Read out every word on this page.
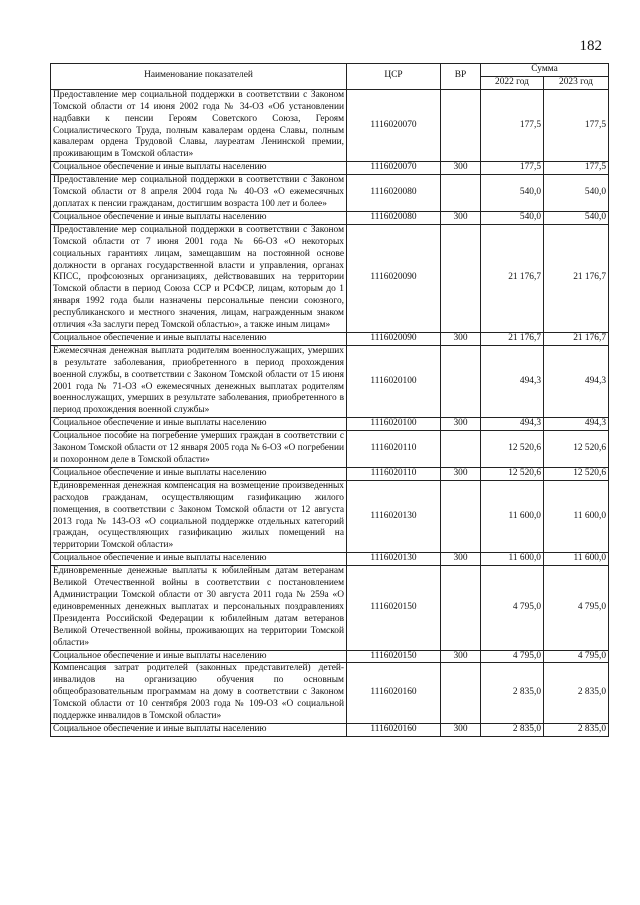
182
Наименование показателей	ЦСР	ВР	Сумма	
			2022 год	2023 год
Предоставление мер социальной поддержки в соответствии с Законом Томской области от 14 июня 2002 года № 34-ОЗ «Об установлении надбавки к пенсии Героям Советского Союза, Героям Социалистического Труда, полным кавалерам ордена Славы, полным кавалерам ордена Трудовой Славы, лауреатам Ленинской премии, проживающим в Томской области»	1116020070		177,5	177,5
Социальное обеспечение и иные выплаты населению	1116020070	300	177,5	177,5
Предоставление мер социальной поддержки в соответствии с Законом Томской области от 8 апреля 2004 года № 40-ОЗ «О ежемесячных доплатах к пенсии гражданам, достигшим возраста 100 лет и более»	1116020080		540,0	540,0
Социальное обеспечение и иные выплаты населению	1116020080	300	540,0	540,0
Предоставление мер социальной поддержки в соответствии с Законом Томской области от 7 июня 2001 года № 66-ОЗ «О некоторых социальных гарантиях лицам, замещавшим на постоянной основе должности в органах государственной власти и управления, органах КПСС, профсоюзных организациях, действовавших на территории Томской области в период Союза ССР и РСФСР, лицам, которым до 1 января 1992 года были назначены персональные пенсии союзного, республиканского и местного значения, лицам, награжденным знаком отличия «За заслуги перед Томской областью», а также иным лицам»	1116020090		21 176,7	21 176,7
Социальное обеспечение и иные выплаты населению	1116020090	300	21 176,7	21 176,7
Ежемесячная денежная выплата родителям военнослужащих, умерших в результате заболевания, приобретенного в период прохождения военной службы, в соответствии с Законом Томской области от 15 июня 2001 года № 71-ОЗ «О ежемесячных денежных выплатах родителям военнослужащих, умерших в результате заболевания, приобретенного в период прохождения военной службы»	1116020100		494,3	494,3
Социальное обеспечение и иные выплаты населению	1116020100	300	494,3	494,3
Социальное пособие на погребение умерших граждан в соответствии с Законом Томской области от 12 января 2005 года № 6-ОЗ «О погребении и похоронном деле в Томской области»	1116020110		12 520,6	12 520,6
Социальное обеспечение и иные выплаты населению	1116020110	300	12 520,6	12 520,6
Единовременная денежная компенсация на возмещение произведенных расходов гражданам, осуществляющим газификацию жилого помещения, в соответствии с Законом Томской области от 12 августа 2013 года № 143-ОЗ «О социальной поддержке отдельных категорий граждан, осуществляющих газификацию жилых помещений на территории Томской области»	1116020130		11 600,0	11 600,0
Социальное обеспечение и иные выплаты населению	1116020130	300	11 600,0	11 600,0
Единовременные денежные выплаты к юбилейным датам ветеранам Великой Отечественной войны в соответствии с постановлением Администрации Томской области от 30 августа 2011 года № 259а «О единовременных денежных выплатах и персональных поздравлениях Президента Российской Федерации к юбилейным датам ветеранов Великой Отечественной войны, проживающих на территории Томской области»	1116020150		4 795,0	4 795,0
Социальное обеспечение и иные выплаты населению	1116020150	300	4 795,0	4 795,0
Компенсация затрат родителей (законных представителей) детей-инвалидов на организацию обучения по основным общеобразовательным программам на дому в соответствии с Законом Томской области от 10 сентября 2003 года № 109-ОЗ «О социальной поддержке инвалидов в Томской области»	1116020160		2 835,0	2 835,0
Социальное обеспечение и иные выплаты населению	1116020160	300	2 835,0	2 835,0
